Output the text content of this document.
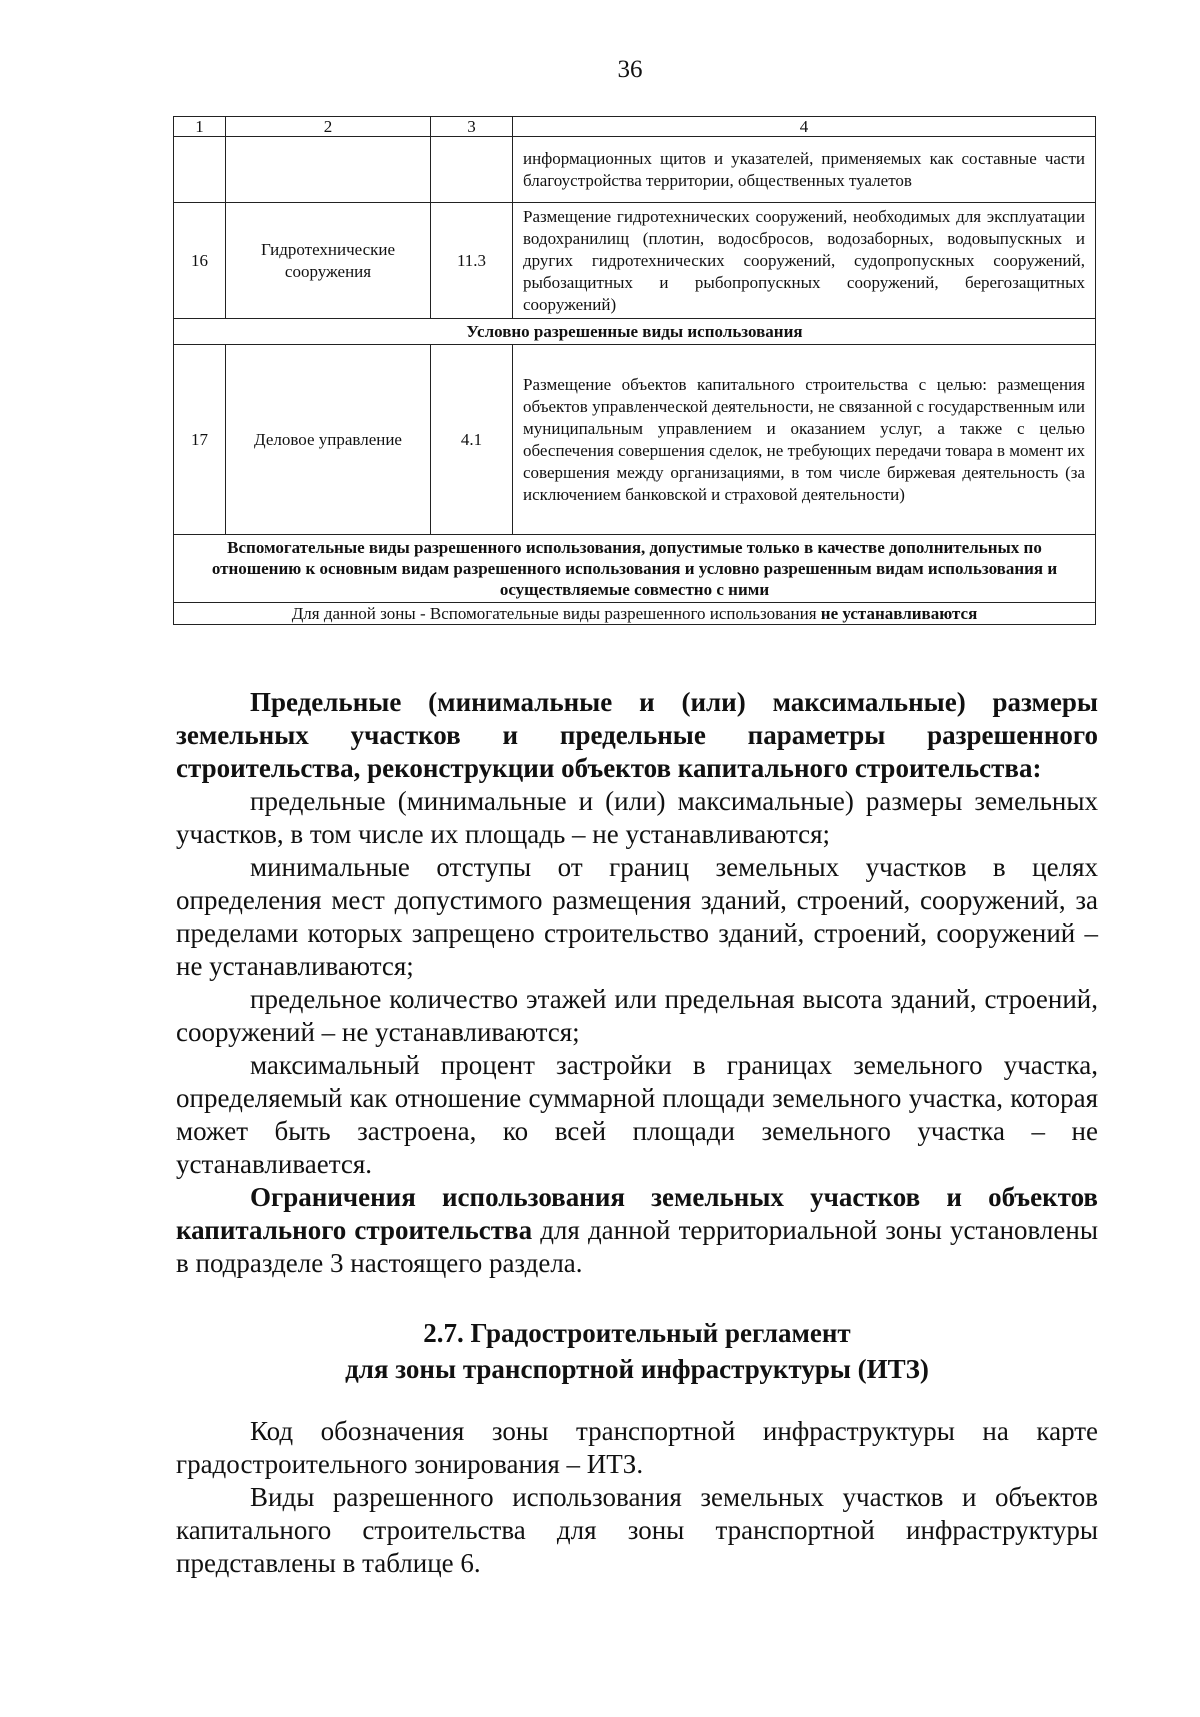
36
1	2	3	4
			информационных щитов и указателей, применяемых как составные части благоустройства территории, общественных туалетов
16	Гидротехнические сооружения	11.3	Размещение гидротехнических сооружений, необходимых для эксплуатации водохранилищ (плотин, водосбросов, водозаборных, водовыпускных и других гидротехнических сооружений, судопропускных сооружений, рыбозащитных и рыбопропускных сооружений, берегозащитных сооружений)
Условно разрешенные виды использования			
17	Деловое управление	4.1	Размещение объектов капитального строительства с целью: размещения объектов управленческой деятельности, не связанной с государственным или муниципальным управлением и оказанием услуг, а также с целью обеспечения совершения сделок, не требующих передачи товара в момент их совершения между организациями, в том числе биржевая деятельность (за исключением банковской и страховой деятельности)
Вспомогательные виды разрешенного использования, допустимые только в качестве дополнительных по отношению к основным видам разрешенного использования и условно разрешенным видам использования и осуществляемые совместно с ними			
Для данной зоны - Вспомогательные виды разрешенного использования не устанавливаются			

Предельные (минимальные и (или) максимальные) размеры земельных участков и предельные параметры разрешенного строительства, реконструкции объектов капитального строительства:

предельные (минимальные и (или) максимальные) размеры земельных участков, в том числе их площадь – не устанавливаются;

минимальные отступы от границ земельных участков в целях определения мест допустимого размещения зданий, строений, сооружений, за пределами которых запрещено строительство зданий, строений, сооружений – не устанавливаются;

предельное количество этажей или предельная высота зданий, строений, сооружений – не устанавливаются;

максимальный процент застройки в границах земельного участка, определяемый как отношение суммарной площади земельного участка, которая может быть застроена, ко всей площади земельного участка – не устанавливается.

Ограничения использования земельных участков и объектов капитального строительства для данной территориальной зоны установлены в подразделе 3 настоящего раздела.

2.7. Градостроительный регламент

для зоны транспортной инфраструктуры (ИТЗ)

Код обозначения зоны транспортной инфраструктуры на карте градостроительного зонирования – ИТЗ.

Виды разрешенного использования земельных участков и объектов капитального строительства для зоны транспортной инфраструктуры представлены в таблице 6.
